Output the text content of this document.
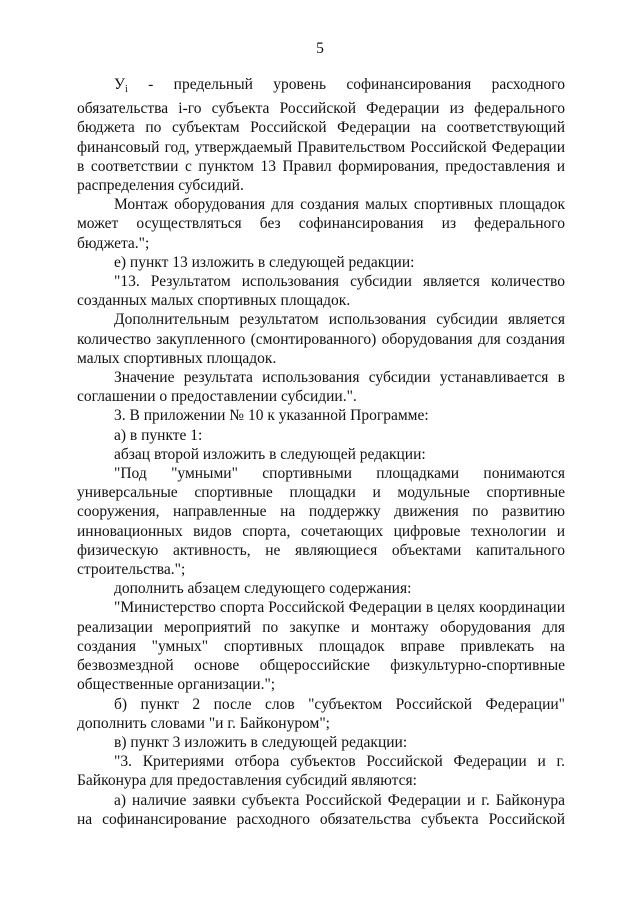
5

$У_i$ - предельный уровень софинансирования расходного обязательства i-го субъекта Российской Федерации из федерального бюджета по субъектам Российской Федерации на соответствующий финансовый год, утверждаемый Правительством Российской Федерации в соответствии с пунктом 13 Правил формирования, предоставления и распределения субсидий.

Монтаж оборудования для создания малых спортивных площадок может осуществляться без софинансирования из федерального бюджета.";

е) пункт 13 изложить в следующей редакции:

"13. Результатом использования субсидии является количество созданных малых спортивных площадок.

Дополнительным результатом использования субсидии является количество закупленного (смонтированного) оборудования для создания малых спортивных площадок.

Значение результата использования субсидии устанавливается в соглашении о предоставлении субсидии.".

3. В приложении № 10 к указанной Программе:

а) в пункте 1:

абзац второй изложить в следующей редакции:

"Под "умными" спортивными площадками понимаются универсальные спортивные площадки и модульные спортивные сооружения, направленные на поддержку движения по развитию инновационных видов спорта, сочетающих цифровые технологии и физическую активность, не являющиеся объектами капитального строительства.";

дополнить абзацем следующего содержания:

"Министерство спорта Российской Федерации в целях координации реализации мероприятий по закупке и монтажу оборудования для создания "умных" спортивных площадок вправе привлекать на безвозмездной основе общероссийские физкультурно-спортивные общественные организации.";

б) пункт 2 после слов "субъектом Российской Федерации" дополнить словами "и г. Байконуром";

в) пункт 3 изложить в следующей редакции:

"3. Критериями отбора субъектов Российской Федерации и г. Байконура для предоставления субсидий являются:

а) наличие заявки субъекта Российской Федерации и г. Байконура на софинансирование расходного обязательства субъекта Российской
